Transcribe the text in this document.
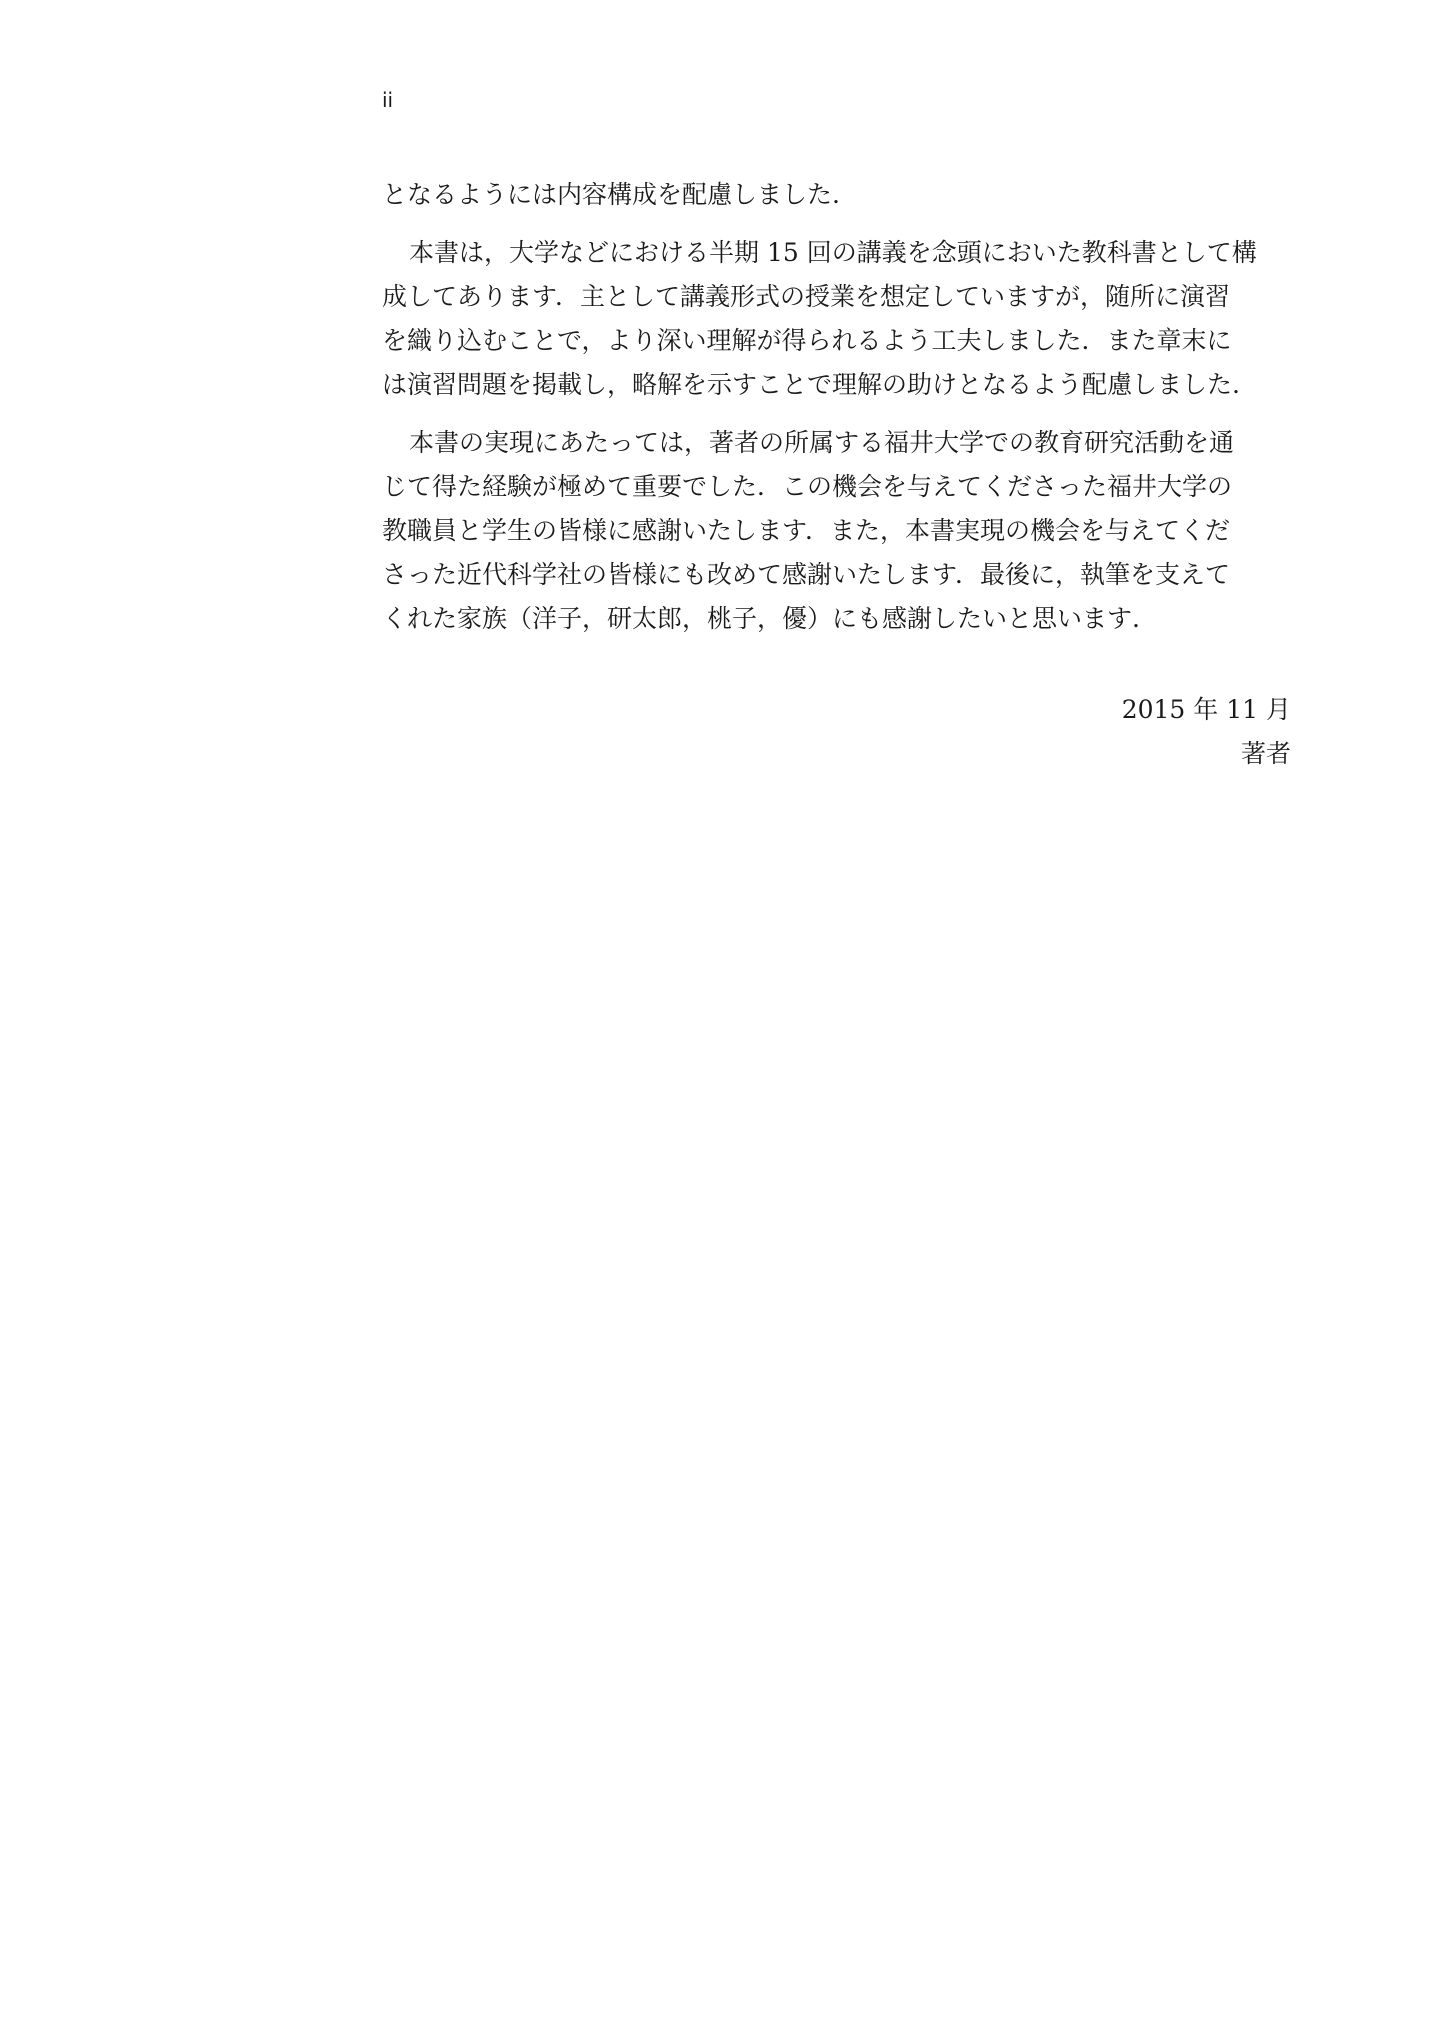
ii
となるようには内容構成を配慮しました.
本書は，大学などにおける半期 15 回の講義を念頭においた教科書として構
成してあります．主として講義形式の授業を想定していますが，随所に演習
を織り込むことで，より深い理解が得られるよう工夫しました．また章末に
は演習問題を掲載し，略解を示すことで理解の助けとなるよう配慮しました.
本書の実現にあたっては，著者の所属する福井大学での教育研究活動を通
じて得た経験が極めて重要でした．この機会を与えてくださった福井大学の
教職員と学生の皆様に感謝いたします．また，本書実現の機会を与えてくだ
さった近代科学社の皆様にも改めて感謝いたします．最後に，執筆を支えて
くれた家族（洋子，研太郎，桃子，優）にも感謝したいと思います.
2015 年 11 月
著者
